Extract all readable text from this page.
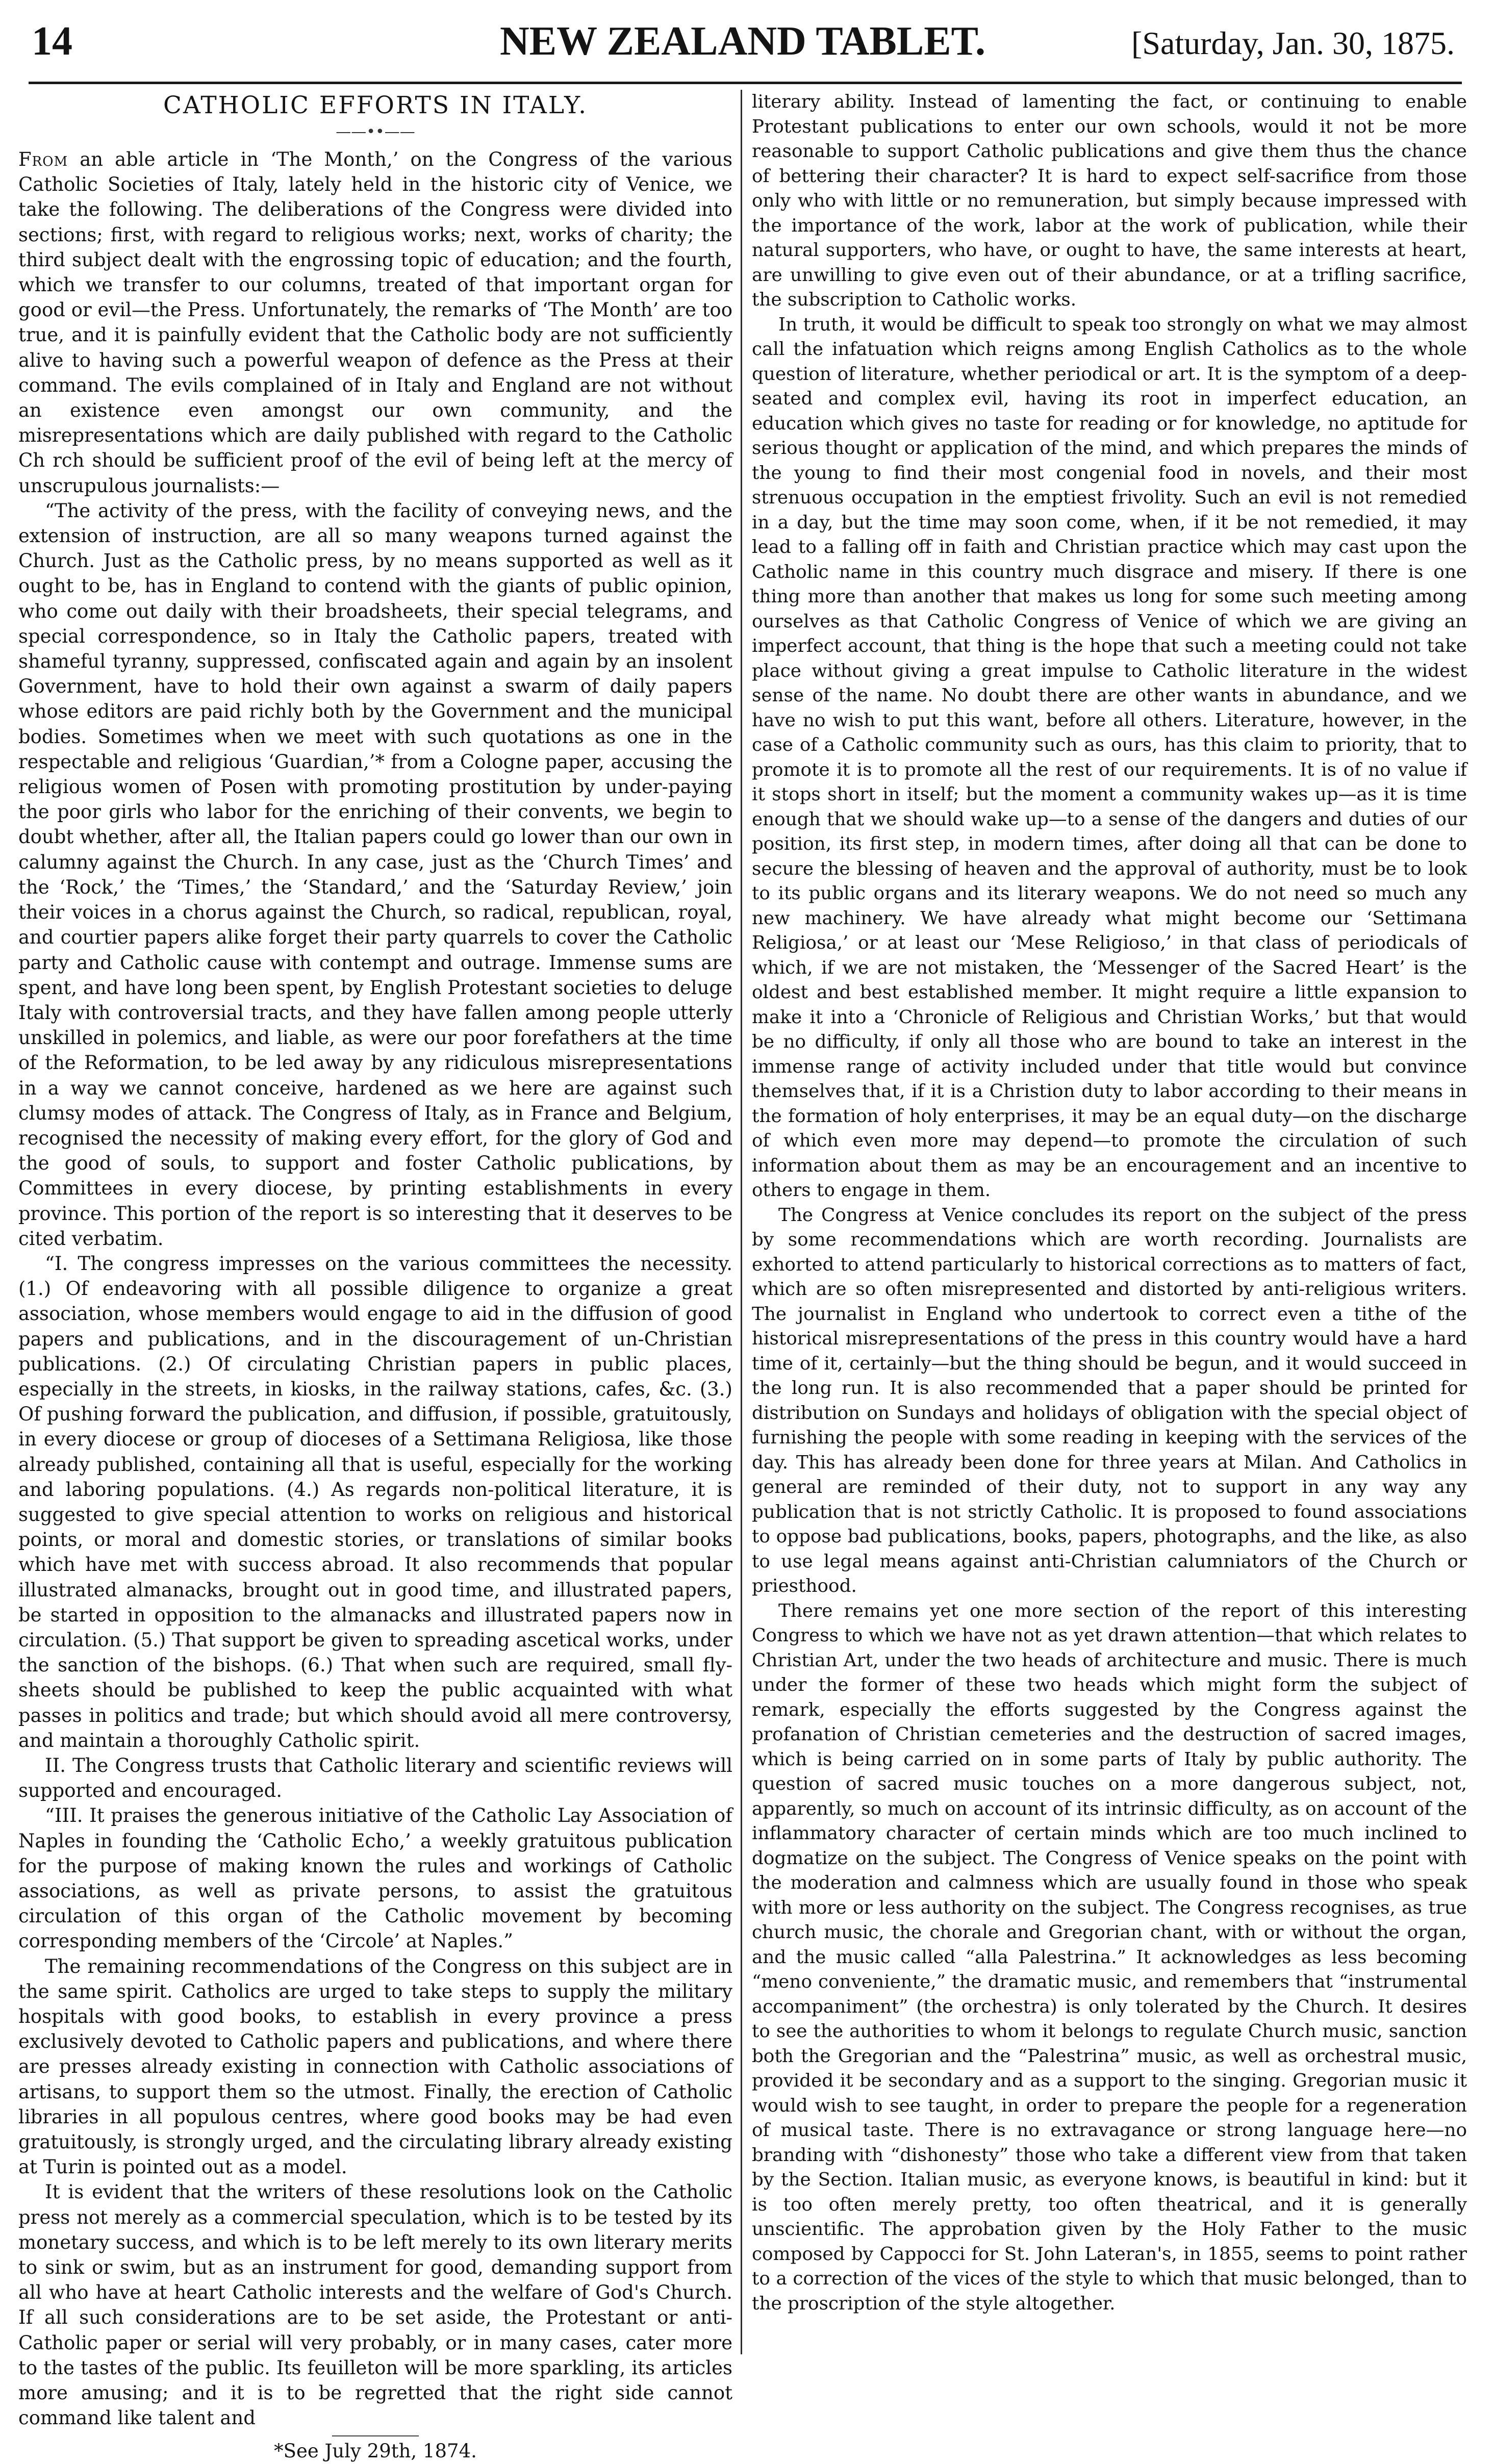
14	NEW ZEALAND TABLET.	[Saturday, Jan. 30, 1875.
CATHOLIC EFFORTS IN ITALY.
——••——

From an able article in ‘The Month,’ on the Congress of the various Catholic Societies of Italy, lately held in the historic city of Venice, we take the following. The deliberations of the Congress were divided into sections; first, with regard to religious works; next, works of charity; the third subject dealt with the engrossing topic of education; and the fourth, which we transfer to our columns, treated of that important organ for good or evil—the Press. Unfortunately, the remarks of ‘The Month’ are too true, and it is painfully evident that the Catholic body are not sufficiently alive to having such a powerful weapon of defence as the Press at their command. The evils complained of in Italy and England are not without an existence even amongst our own community, and the misrepresentations which are daily published with regard to the Catholic Ch rch should be sufficient proof of the evil of being left at the mercy of unscrupulous journalists:—

“The activity of the press, with the facility of conveying news, and the extension of instruction, are all so many weapons turned against the Church. Just as the Catholic press, by no means supported as well as it ought to be, has in England to contend with the giants of public opinion, who come out daily with their broadsheets, their special telegrams, and special correspondence, so in Italy the Catholic papers, treated with shameful tyranny, suppressed, confiscated again and again by an insolent Government, have to hold their own against a swarm of daily papers whose editors are paid richly both by the Government and the municipal bodies. Sometimes when we meet with such quotations as one in the respectable and religious ‘Guardian,’* from a Cologne paper, accusing the religious women of Posen with promoting prostitution by under-paying the poor girls who labor for the enriching of their convents, we begin to doubt whether, after all, the Italian papers could go lower than our own in calumny against the Church. In any case, just as the ‘Church Times’ and the ‘Rock,’ the ‘Times,’ the ‘Standard,’ and the ‘Saturday Review,’ join their voices in a chorus against the Church, so radical, republican, royal, and courtier papers alike forget their party quarrels to cover the Catholic party and Catholic cause with contempt and outrage. Immense sums are spent, and have long been spent, by English Protestant societies to deluge Italy with controversial tracts, and they have fallen among people utterly unskilled in polemics, and liable, as were our poor forefathers at the time of the Reformation, to be led away by any ridiculous misrepresentations in a way we cannot conceive, hardened as we here are against such clumsy modes of attack. The Congress of Italy, as in France and Belgium, recognised the necessity of making every effort, for the glory of God and the good of souls, to support and foster Catholic publications, by Committees in every diocese, by printing establishments in every province. This portion of the report is so interesting that it deserves to be cited verbatim.

“I. The congress impresses on the various committees the necessity. (1.) Of endeavoring with all possible diligence to organize a great association, whose members would engage to aid in the diffusion of good papers and publications, and in the discouragement of un-Christian publications. (2.) Of circulating Christian papers in public places, especially in the streets, in kiosks, in the railway stations, cafes, &c. (3.) Of pushing forward the publication, and diffusion, if possible, gratuitously, in every diocese or group of dioceses of a Settimana Religiosa, like those already published, containing all that is useful, especially for the working and laboring populations. (4.) As regards non-political literature, it is suggested to give special attention to works on religious and historical points, or moral and domestic stories, or translations of similar books which have met with success abroad. It also recommends that popular illustrated almanacks, brought out in good time, and illustrated papers, be started in opposition to the almanacks and illustrated papers now in circulation. (5.) That support be given to spreading ascetical works, under the sanction of the bishops. (6.) That when such are required, small fly-sheets should be published to keep the public acquainted with what passes in politics and trade; but which should avoid all mere controversy, and maintain a thoroughly Catholic spirit.

II. The Congress trusts that Catholic literary and scientific reviews will supported and encouraged.

“III. It praises the generous initiative of the Catholic Lay Association of Naples in founding the ‘Catholic Echo,’ a weekly gratuitous publication for the purpose of making known the rules and workings of Catholic associations, as well as private persons, to assist the gratuitous circulation of this organ of the Catholic movement by becoming corresponding members of the ‘Circole’ at Naples.”

The remaining recommendations of the Congress on this subject are in the same spirit. Catholics are urged to take steps to supply the military hospitals with good books, to establish in every province a press exclusively devoted to Catholic papers and publications, and where there are presses already existing in connection with Catholic associations of artisans, to support them so the utmost. Finally, the erection of Catholic libraries in all populous centres, where good books may be had even gratuitously, is strongly urged, and the circulating library already existing at Turin is pointed out as a model.

It is evident that the writers of these resolutions look on the Catholic press not merely as a commercial speculation, which is to be tested by its monetary success, and which is to be left merely to its own literary merits to sink or swim, but as an instrument for good, demanding support from all who have at heart Catholic interests and the welfare of God's Church. If all such considerations are to be set aside, the Protestant or anti-Catholic paper or serial will very probably, or in many cases, cater more to the tastes of the public. Its feuilleton will be more sparkling, its articles more amusing; and it is to be regretted that the right side cannot command like talent and

*See July 29th, 1874.

literary ability. Instead of lamenting the fact, or continuing to enable Protestant publications to enter our own schools, would it not be more reasonable to support Catholic publications and give them thus the chance of bettering their character? It is hard to expect self-sacrifice from those only who with little or no remuneration, but simply because impressed with the importance of the work, labor at the work of publication, while their natural supporters, who have, or ought to have, the same interests at heart, are unwilling to give even out of their abundance, or at a trifling sacrifice, the subscription to Catholic works.

In truth, it would be difficult to speak too strongly on what we may almost call the infatuation which reigns among English Catholics as to the whole question of literature, whether periodical or art. It is the symptom of a deep-seated and complex evil, having its root in imperfect education, an education which gives no taste for reading or for knowledge, no aptitude for serious thought or application of the mind, and which prepares the minds of the young to find their most congenial food in novels, and their most strenuous occupation in the emptiest frivolity. Such an evil is not remedied in a day, but the time may soon come, when, if it be not remedied, it may lead to a falling off in faith and Christian practice which may cast upon the Catholic name in this country much disgrace and misery. If there is one thing more than another that makes us long for some such meeting among ourselves as that Catholic Congress of Venice of which we are giving an imperfect account, that thing is the hope that such a meeting could not take place without giving a great impulse to Catholic literature in the widest sense of the name. No doubt there are other wants in abundance, and we have no wish to put this want, before all others. Literature, however, in the case of a Catholic community such as ours, has this claim to priority, that to promote it is to promote all the rest of our requirements. It is of no value if it stops short in itself; but the moment a community wakes up—as it is time enough that we should wake up—to a sense of the dangers and duties of our position, its first step, in modern times, after doing all that can be done to secure the blessing of heaven and the approval of authority, must be to look to its public organs and its literary weapons. We do not need so much any new machinery. We have already what might become our ‘Settimana Religiosa,’ or at least our ‘Mese Religioso,’ in that class of periodicals of which, if we are not mistaken, the ‘Messenger of the Sacred Heart’ is the oldest and best established member. It might require a little expansion to make it into a ‘Chronicle of Religious and Christian Works,’ but that would be no difficulty, if only all those who are bound to take an interest in the immense range of activity included under that title would but convince themselves that, if it is a Christion duty to labor according to their means in the formation of holy enterprises, it may be an equal duty—on the discharge of which even more may depend—to promote the circulation of such information about them as may be an encouragement and an incentive to others to engage in them.

The Congress at Venice concludes its report on the subject of the press by some recommendations which are worth recording. Journalists are exhorted to attend particularly to historical corrections as to matters of fact, which are so often misrepresented and distorted by anti-religious writers. The journalist in England who undertook to correct even a tithe of the historical misrepresentations of the press in this country would have a hard time of it, certainly—but the thing should be begun, and it would succeed in the long run. It is also recommended that a paper should be printed for distribution on Sundays and holidays of obligation with the special object of furnishing the people with some reading in keeping with the services of the day. This has already been done for three years at Milan. And Catholics in general are reminded of their duty, not to support in any way any publication that is not strictly Catholic. It is proposed to found associations to oppose bad publications, books, papers, photographs, and the like, as also to use legal means against anti-Christian calumniators of the Church or priesthood.

There remains yet one more section of the report of this interesting Congress to which we have not as yet drawn attention—that which relates to Christian Art, under the two heads of architecture and music. There is much under the former of these two heads which might form the subject of remark, especially the efforts suggested by the Congress against the profanation of Christian cemeteries and the destruction of sacred images, which is being carried on in some parts of Italy by public authority. The question of sacred music touches on a more dangerous subject, not, apparently, so much on account of its intrinsic difficulty, as on account of the inflammatory character of certain minds which are too much inclined to dogmatize on the subject. The Congress of Venice speaks on the point with the moderation and calmness which are usually found in those who speak with more or less authority on the subject. The Congress recognises, as true church music, the chorale and Gregorian chant, with or without the organ, and the music called “alla Palestrina.” It acknowledges as less becoming “meno conveniente,” the dramatic music, and remembers that “instrumental accompaniment” (the orchestra) is only tolerated by the Church. It desires to see the authorities to whom it belongs to regulate Church music, sanction both the Gregorian and the “Palestrina” music, as well as orchestral music, provided it be secondary and as a support to the singing. Gregorian music it would wish to see taught, in order to prepare the people for a regeneration of musical taste. There is no extravagance or strong language here—no branding with “dishonesty” those who take a different view from that taken by the Section. Italian music, as everyone knows, is beautiful in kind: but it is too often merely pretty, too often theatrical, and it is generally unscientific. The approbation given by the Holy Father to the music composed by Cappocci for St. John Lateran's, in 1855, seems to point rather to a correction of the vices of the style to which that music belonged, than to the proscription of the style altogether.
